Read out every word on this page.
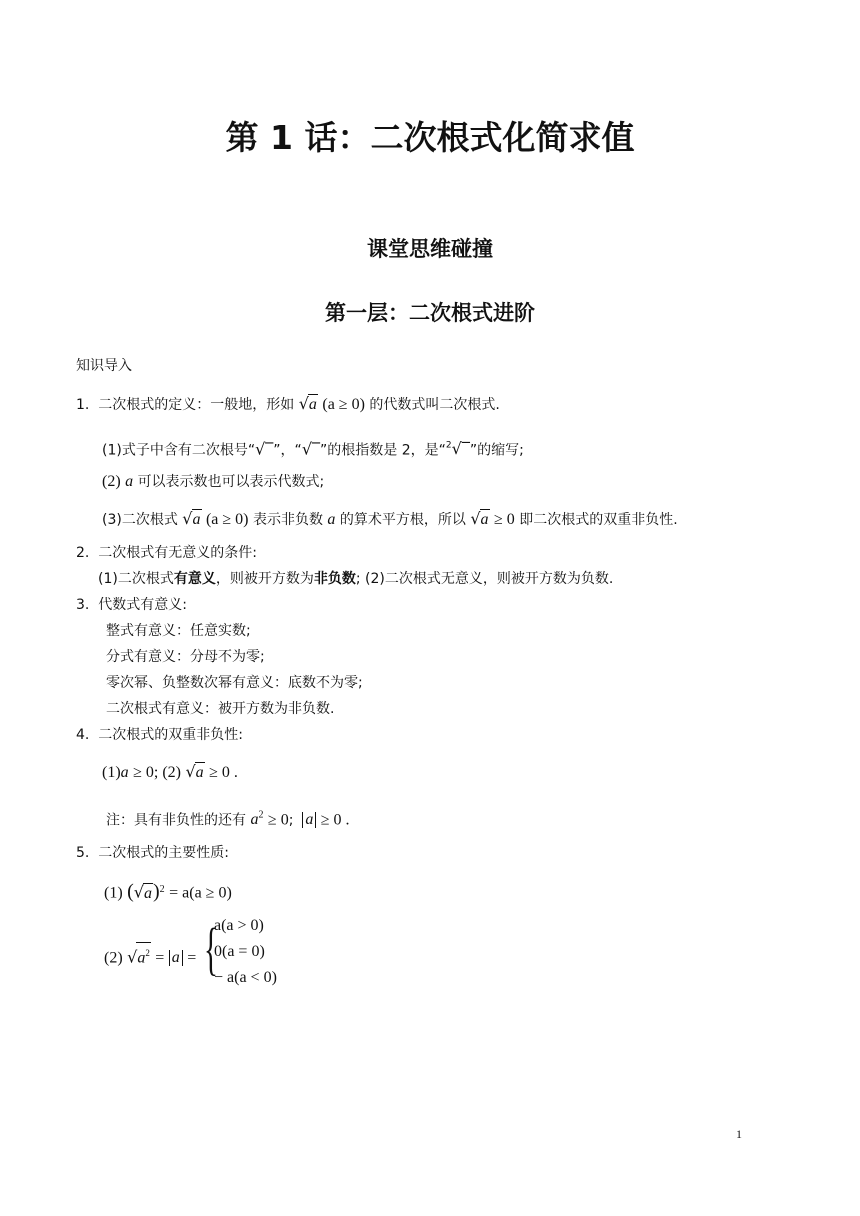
第 1 话：二次根式化简求值
课堂思维碰撞
第一层：二次根式进阶
知识导入
1. 二次根式的定义：一般地，形如 √a (a ≥ 0) 的代数式叫二次根式.
(1)式子中含有二次根号“√‾”，“√‾”的根指数是 2，是“$^2$√‾”的缩写;
(2) a 可以表示数也可以表示代数式;
(3)二次根式 √a (a ≥ 0) 表示非负数 a 的算术平方根，所以 √a ≥ 0 即二次根式的双重非负性.
2. 二次根式有无意义的条件:
(1)二次根式有意义，则被开方数为非负数; (2)二次根式无意义，则被开方数为负数.
3. 代数式有意义:
整式有意义：任意实数;
分式有意义：分母不为零;
零次幂、负整数次幂有意义：底数不为零;
二次根式有意义：被开方数为非负数.
4. 二次根式的双重非负性:
(1)a ≥ 0; (2) √a ≥ 0 .
注：具有非负性的还有 $a^2 \ge 0$; a ≥ 0 .
5. 二次根式的主要性质:
(1) $(√a)^2 = a(a \ge 0)$
(2) $√a^2 = a$ = {
a(a > 0)
0(a = 0)
− a(a < 0)
1
